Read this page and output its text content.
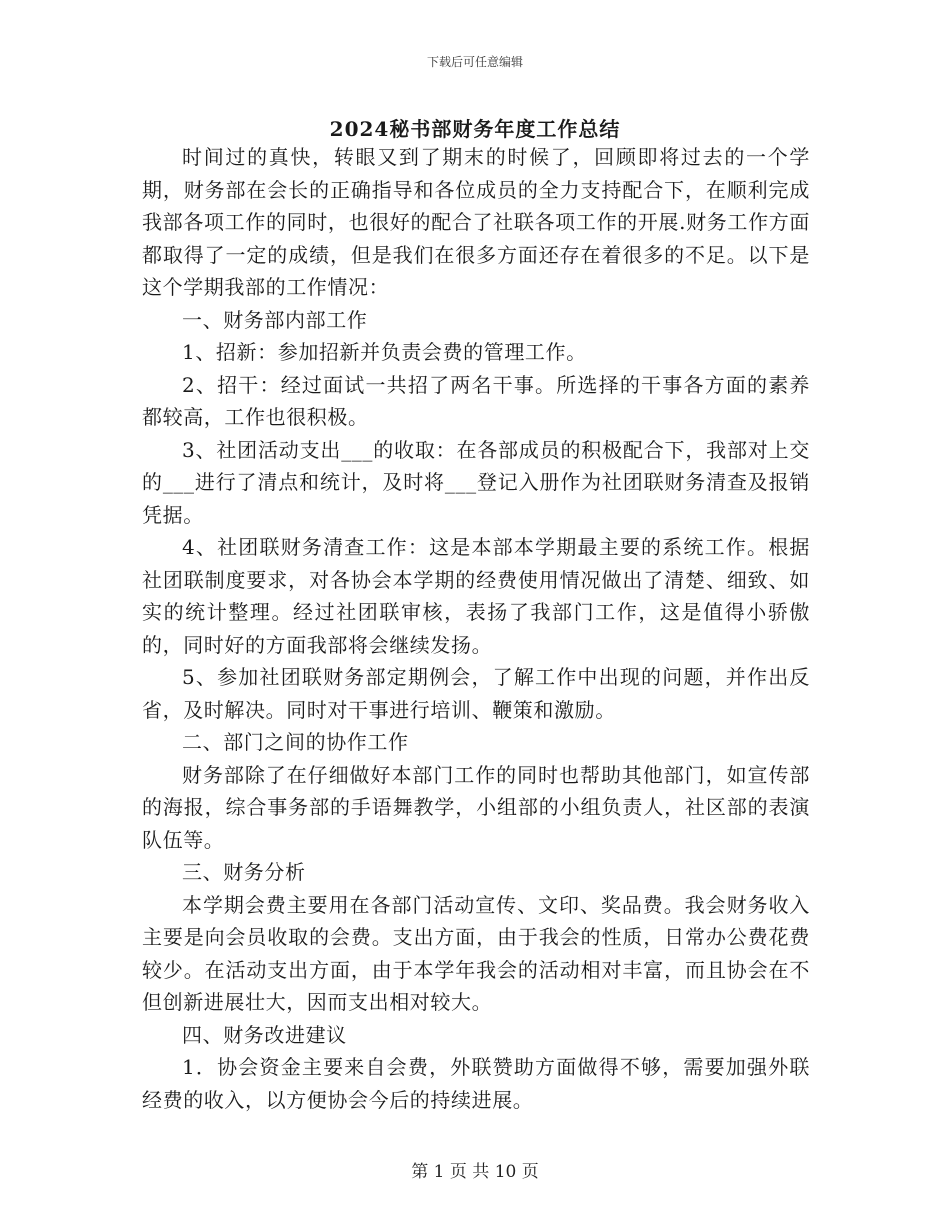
下载后可任意编辑
2024秘书部财务年度工作总结

时间过的真快，转眼又到了期末的时候了，回顾即将过去的一个学期，财务部在会长的正确指导和各位成员的全力支持配合下，在顺利完成我部各项工作的同时，也很好的配合了社联各项工作的开展.财务工作方面都取得了一定的成绩，但是我们在很多方面还存在着很多的不足。以下是这个学期我部的工作情况：

一、财务部内部工作

1、招新：参加招新并负责会费的管理工作。

2、招干：经过面试一共招了两名干事。所选择的干事各方面的素养都较高，工作也很积极。

3、社团活动支出___的收取：在各部成员的积极配合下，我部对上交的___进行了清点和统计，及时将___登记入册作为社团联财务清查及报销凭据。

4、社团联财务清查工作：这是本部本学期最主要的系统工作。根据社团联制度要求，对各协会本学期的经费使用情况做出了清楚、细致、如实的统计整理。经过社团联审核，表扬了我部门工作，这是值得小骄傲的，同时好的方面我部将会继续发扬。

5、参加社团联财务部定期例会，了解工作中出现的问题，并作出反省，及时解决。同时对干事进行培训、鞭策和激励。

二、部门之间的协作工作

财务部除了在仔细做好本部门工作的同时也帮助其他部门，如宣传部的海报，综合事务部的手语舞教学，小组部的小组负责人，社区部的表演队伍等。

三、财务分析

本学期会费主要用在各部门活动宣传、文印、奖品费。我会财务收入主要是向会员收取的会费。支出方面，由于我会的性质，日常办公费花费较少。在活动支出方面，由于本学年我会的活动相对丰富，而且协会在不但创新进展壮大，因而支出相对较大。

四、财务改进建议

1．协会资金主要来自会费，外联赞助方面做得不够，需要加强外联经费的收入，以方便协会今后的持续进展。

第 1 页 共 10 页
